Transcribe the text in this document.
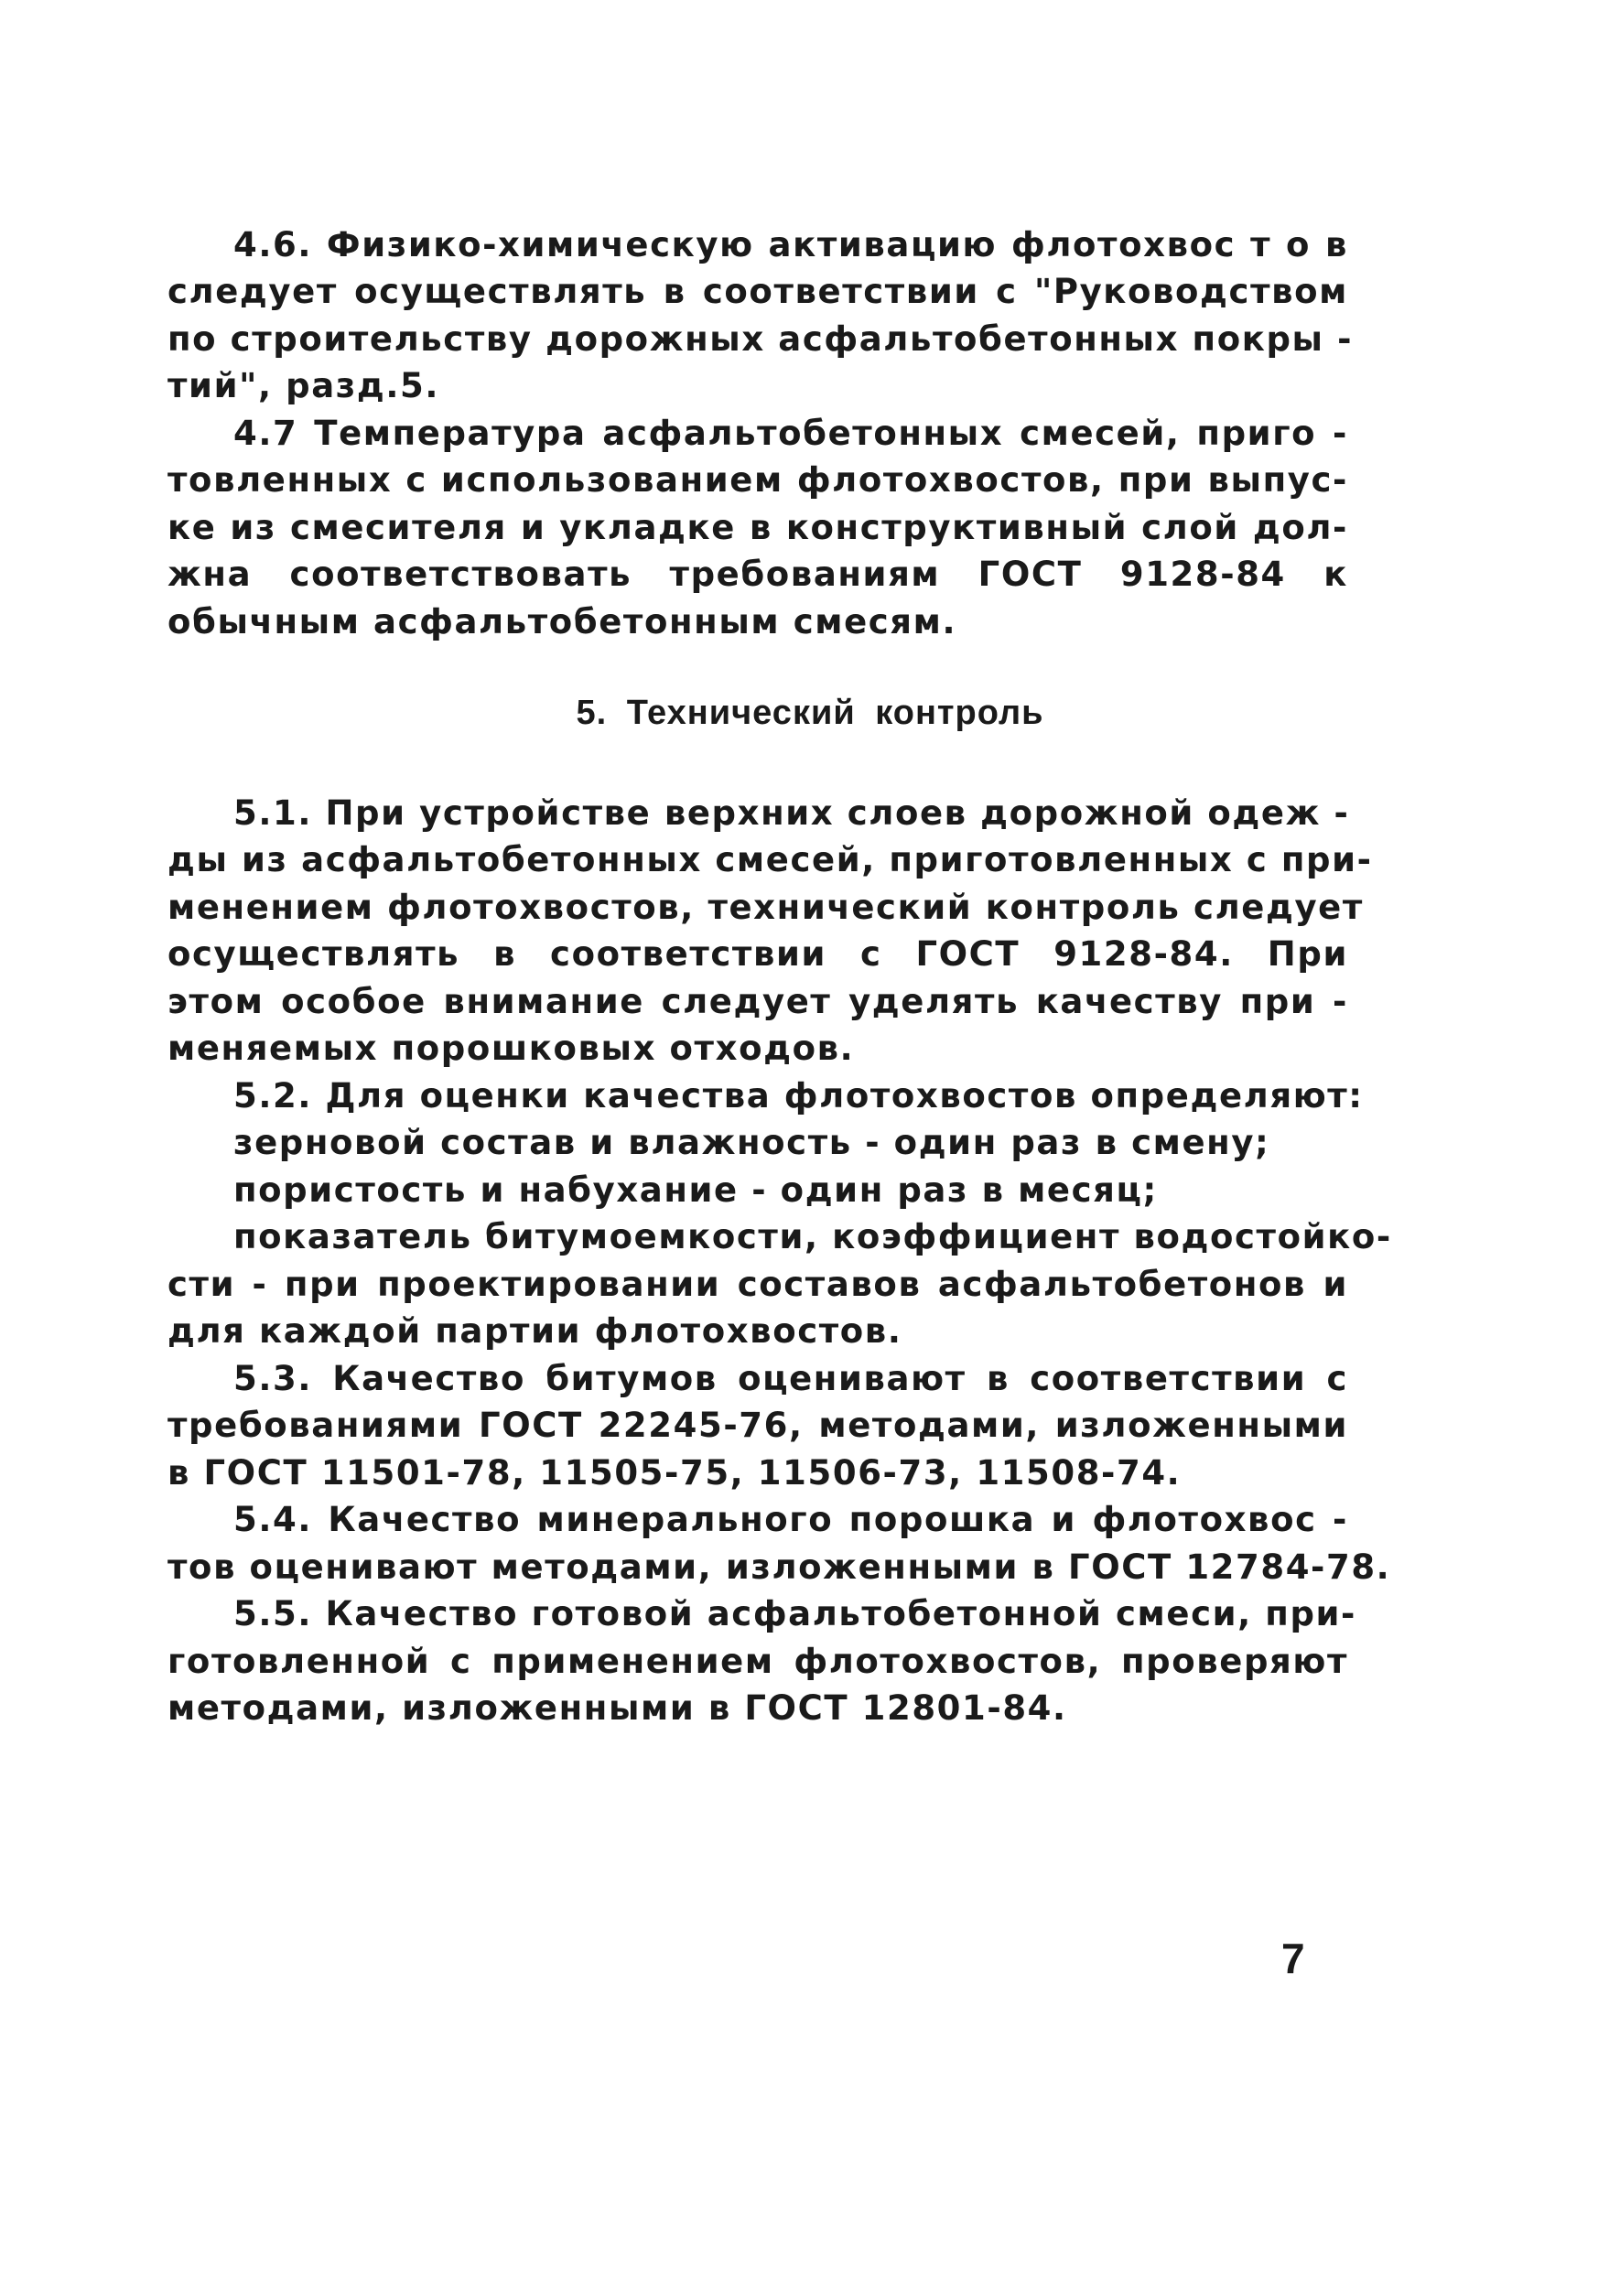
4.6. Физико-химическую активацию флотохвос т о в

следует осуществлять в соответствии с "Руководством

по строительству дорожных асфальтобетонных покры -

тий", разд.5.

4.7 Температура асфальтобетонных смесей, приго -

товленных с использованием флотохвостов, при выпус-

ке из смесителя и укладке в конструктивный слой дол-

жна соответствовать требованиям ГОСТ 9128-84 к

обычным асфальтобетонным смесям.

5. Технический контроль

5.1. При устройстве верхних слоев дорожной одеж -

ды из асфальтобетонных смесей, приготовленных с при-

менением флотохвостов, технический контроль следует

осуществлять в соответствии с ГОСТ 9128-84. При

этом особое внимание следует уделять качеству при -

меняемых порошковых отходов.

5.2. Для оценки качества флотохвостов определяют:

зерновой состав и влажность - один раз в смену;

пористость и набухание - один раз в месяц;

показатель битумоемкости, коэффициент водостойко-

сти - при проектировании составов асфальтобетонов и

для каждой партии флотохвостов.

5.3. Качество битумов оценивают в соответствии с

требованиями ГОСТ 22245-76, методами, изложенными

в ГОСТ 11501-78, 11505-75, 11506-73, 11508-74.

5.4. Качество минерального порошка и флотохвос -

тов оценивают методами, изложенными в ГОСТ 12784-78.

5.5. Качество готовой асфальтобетонной смеси, при-

готовленной с применением флотохвостов, проверяют

методами, изложенными в ГОСТ 12801-84.

7
